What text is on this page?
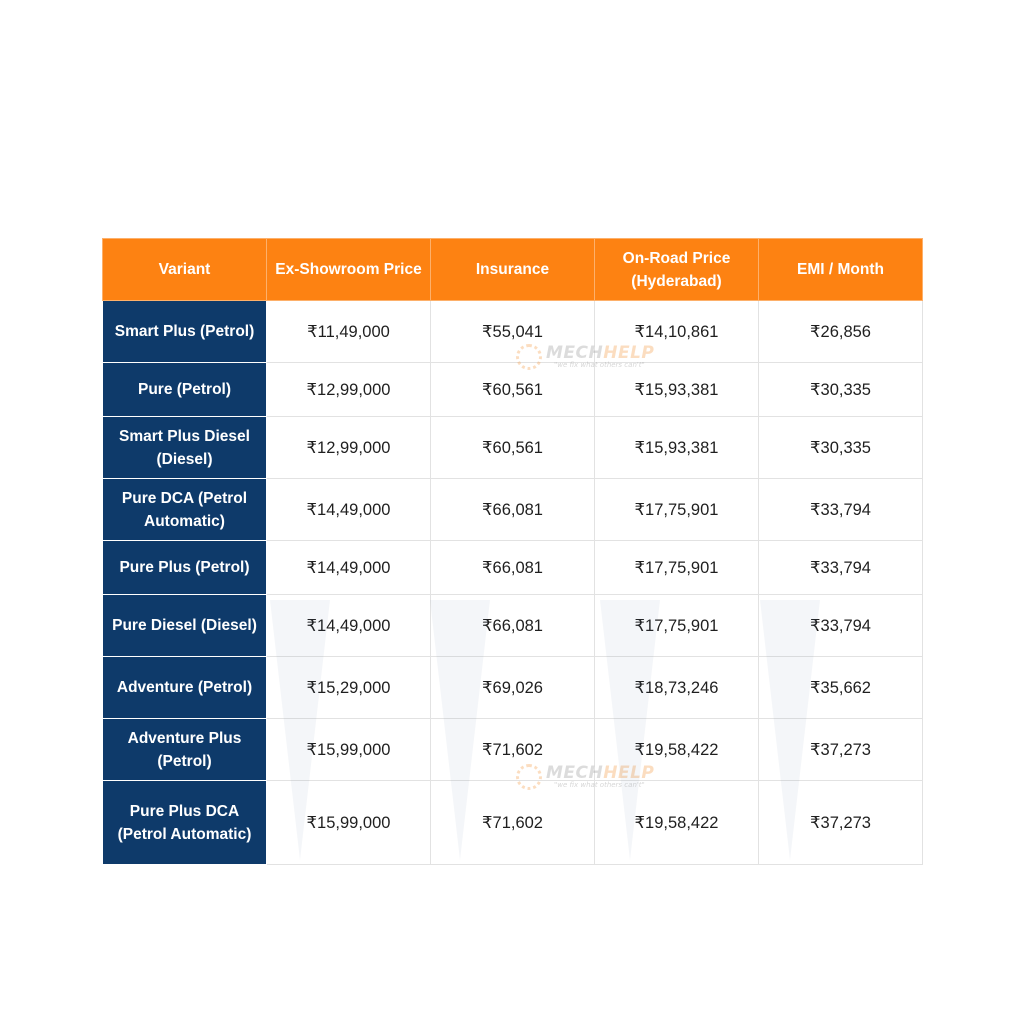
Variant	Ex-Showroom Price	Insurance	On-Road Price (Hyderabad)	EMI / Month
Smart Plus (Petrol)	₹11,49,000	₹55,041	₹14,10,861	₹26,856
Pure (Petrol)	₹12,99,000	₹60,561	₹15,93,381	₹30,335
Smart Plus Diesel (Diesel)	₹12,99,000	₹60,561	₹15,93,381	₹30,335
Pure DCA (Petrol Automatic)	₹14,49,000	₹66,081	₹17,75,901	₹33,794
Pure Plus (Petrol)	₹14,49,000	₹66,081	₹17,75,901	₹33,794
Pure Diesel (Diesel)	₹14,49,000	₹66,081	₹17,75,901	₹33,794
Adventure (Petrol)	₹15,29,000	₹69,026	₹18,73,246	₹35,662
Adventure Plus (Petrol)	₹15,99,000	₹71,602	₹19,58,422	₹37,273
Pure Plus DCA (Petrol Automatic)	₹15,99,000	₹71,602	₹19,58,422	₹37,273
MECHHELP
"we fix what others can't"
MECHHELP
"we fix what others can't"
